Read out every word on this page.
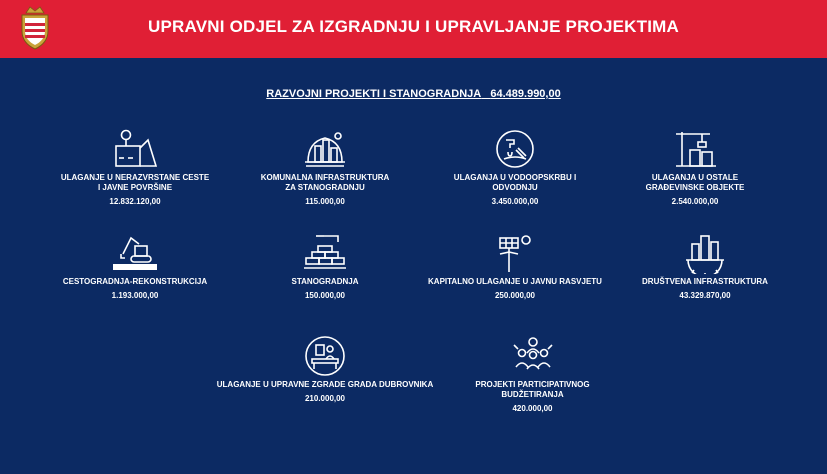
UPRAVNI ODJEL ZA IZGRADNJU I UPRAVLJANJE PROJEKTIMA
RAZVOJNI PROJEKTI I STANOGRADNJA 64.489.990,00
ULAGANJE U NERAZVRSTANE CESTE
I JAVNE POVRŠINE
12.832.120,00
KOMUNALNA INFRASTRUKTURA
ZA STANOGRADNJU
115.000,00
ULAGANJA U VODOOPSKRBU I
ODVODNJU
3.450.000,00
ULAGANJA U OSTALE
GRAĐEVINSKE OBJEKTE
2.540.000,00
CESTOGRADNJA-REKONSTRUKCIJA
1.193.000,00
STANOGRADNJA
150.000,00
KAPITALNO ULAGANJE U JAVNU RASVJETU
250.000,00
DRUŠTVENA INFRASTRUKTURA
43.329.870,00
ULAGANJE U UPRAVNE ZGRADE GRADA DUBROVNIKA
210.000,00
PROJEKTI PARTICIPATIVNOG
BUDŽETIRANJA
420.000,00
